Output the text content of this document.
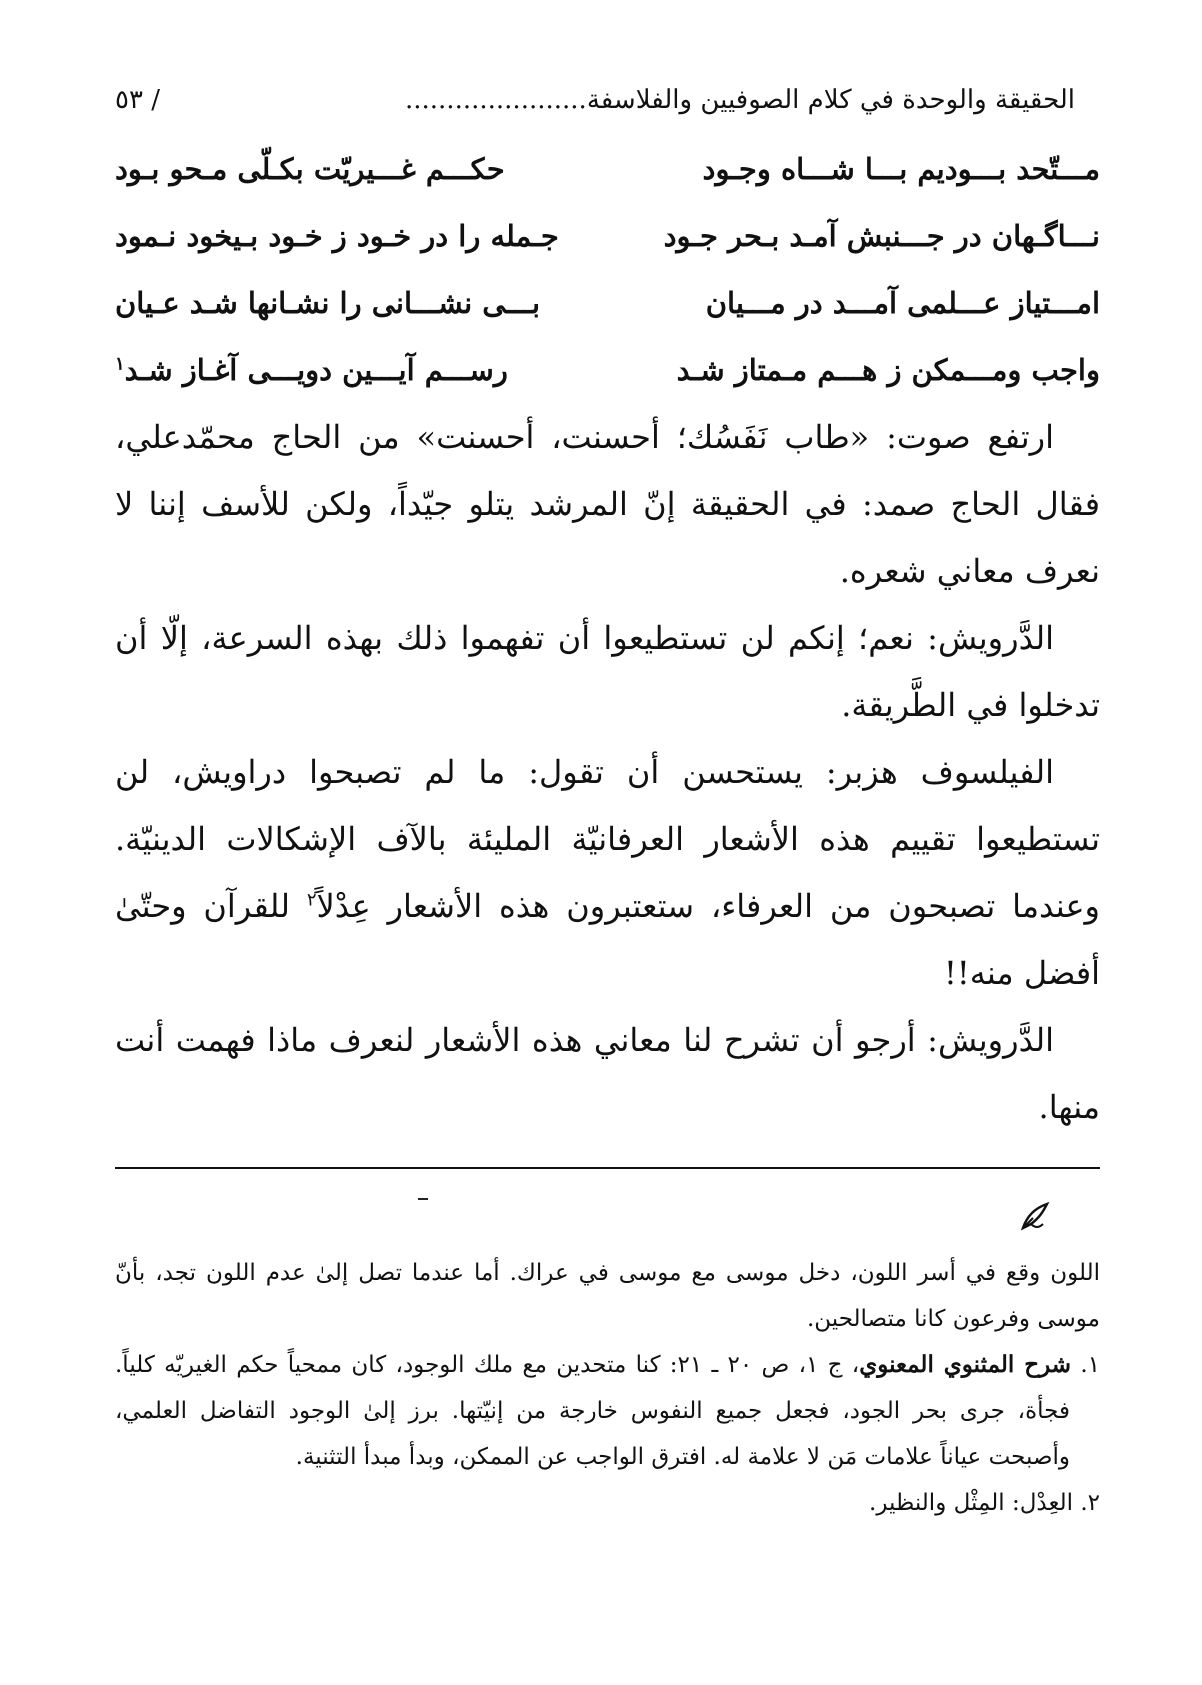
الحقيقة والوحدة في كلام الصوفيين والفلاسفة......................
/ ٥٣
مـــتّحد بـــوديم بـــا شـــاه وجـود
حكـــم غـــيريّت بكـلّى مـحو بـود
نـــاگـهان در جـــنبش آمـد بـحر جـود
جـمله را در خـود ز خـود بـيخود نـمود
امـــتياز عـــلمى آمـــد در مـــيان
بـــى نشـــانى را نشـانها شـد عـيان
واجب ومـــمكن ز هـــم مـمتاز شـد
رســـم آيـــين دويـــى آغـاز شـد$^١$

ارتفع صوت: «طاب نَفَسُك؛ أحسنت، أحسنت» من الحاج محمّدعلي، فقال الحاج صمد: في الحقيقة إنّ المرشد يتلو جيّداً، ولكن للأسف إننا لا نعرف معاني شعره.

الدَّرويش: نعم؛ إنكم لن تستطيعوا أن تفهموا ذلك بهذه السرعة، إلّا أن تدخلوا في الطَّريقة.

الفيلسوف هزبر: يستحسن أن تقول: ما لم تصبحوا دراويش، لن تستطيعوا تقييم هذه الأشعار العرفانيّة المليئة بالآف الإشكالات الدينيّة. وعندما تصبحون من العرفاء، ستعتبرون هذه الأشعار عِدْلاً$^٢$ للقرآن وحتّىٰ أفضل منه!!

الدَّرويش: أرجو أن تشرح لنا معاني هذه الأشعار لنعرف ماذا فهمت أنت منها.

اللون وقع في أسر اللون، دخل موسى مع موسى في عراك. أما عندما تصل إلىٰ عدم اللون تجد، بأنّ موسى وفرعون كانا متصالحين.

١. شرح المثنوي المعنوي، ج ١، ص ٢٠ ـ ٢١: كنا متحدين مع ملك الوجود، كان ممحياً حكم الغيريّه كلياً. فجأة، جرى بحر الجود، فجعل جميع النفوس خارجة من إنيّتها. برز إلىٰ الوجود التفاضل العلمي، وأصبحت عياناً علامات مَن لا علامة له. افترق الواجب عن الممكن، وبدأ مبدأ التثنية.

٢. العِدْل: المِثْل والنظير.
